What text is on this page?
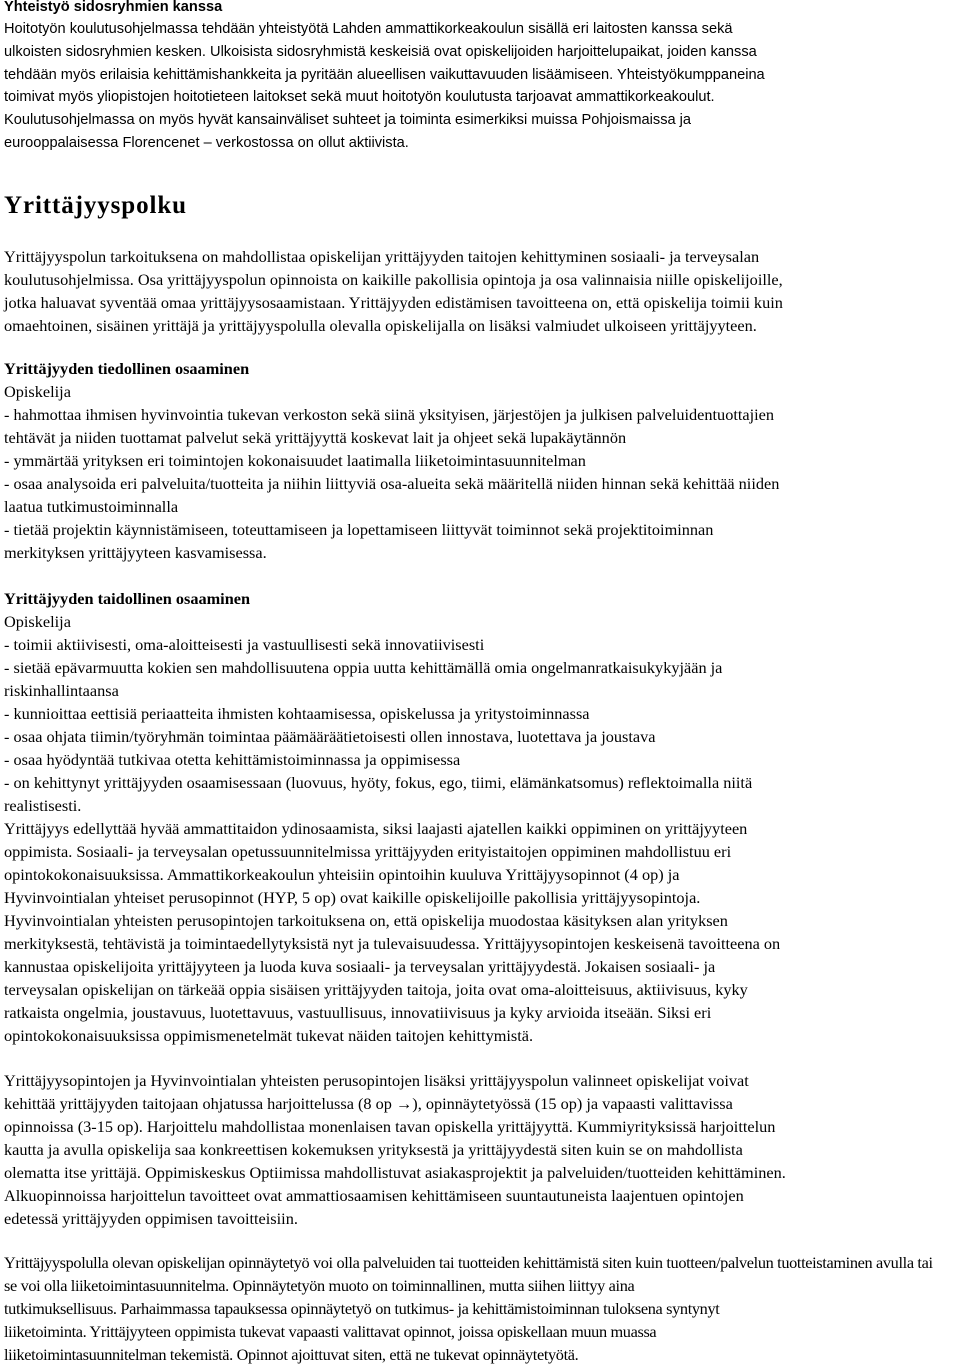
Yhteistyö sidosryhmien kanssa

Hoitotyön koulutusohjelmassa tehdään yhteistyötä Lahden ammattikorkeakoulun sisällä eri laitosten kanssa sekä
ulkoisten sidosryhmien kesken. Ulkoisista sidosryhmistä keskeisiä ovat opiskelijoiden harjoittelupaikat, joiden kanssa
tehdään myös erilaisia kehittämishankkeita ja pyritään alueellisen vaikuttavuuden lisäämiseen. Yhteistyökumppaneina
toimivat myös yliopistojen hoitotieteen laitokset sekä muut hoitotyön koulutusta tarjoavat ammattikorkeakoulut.
Koulutusohjelmassa on myös hyvät kansainväliset suhteet ja toiminta esimerkiksi muissa Pohjoismaissa ja
eurooppalaisessa Florencenet – verkostossa on ollut aktiivista.

Yrittäjyyspolku

Yrittäjyyspolun tarkoituksena on mahdollistaa opiskelijan yrittäjyyden taitojen kehittyminen sosiaali- ja terveysalan
koulutusohjelmissa. Osa yrittäjyyspolun opinnoista on kaikille pakollisia opintoja ja osa valinnaisia niille opiskelijoille,
jotka haluavat syventää omaa yrittäjyysosaamistaan. Yrittäjyyden edistämisen tavoitteena on, että opiskelija toimii kuin
omaehtoinen, sisäinen yrittäjä ja yrittäjyyspolulla olevalla opiskelijalla on lisäksi valmiudet ulkoiseen yrittäjyyteen.

Yrittäjyyden tiedollinen osaaminen

Opiskelija
- hahmottaa ihmisen hyvinvointia tukevan verkoston sekä siinä yksityisen, järjestöjen ja julkisen palveluidentuottajien
tehtävät ja niiden tuottamat palvelut sekä yrittäjyyttä koskevat lait ja ohjeet sekä lupakäytännön
- ymmärtää yrityksen eri toimintojen kokonaisuudet laatimalla liiketoimintasuunnitelman
- osaa analysoida eri palveluita/tuotteita ja niihin liittyviä osa-alueita sekä määritellä niiden hinnan sekä kehittää niiden
laatua tutkimustoiminnalla
- tietää projektin käynnistämiseen, toteuttamiseen ja lopettamiseen liittyvät toiminnot sekä projektitoiminnan
merkityksen yrittäjyyteen kasvamisessa.

Yrittäjyyden taidollinen osaaminen

Opiskelija
- toimii aktiivisesti, oma-aloitteisesti ja vastuullisesti sekä innovatiivisesti
- sietää epävarmuutta kokien sen mahdollisuutena oppia uutta kehittämällä omia ongelmanratkaisukykyjään ja
riskinhallintaansa
- kunnioittaa eettisiä periaatteita ihmisten kohtaamisessa, opiskelussa ja yritystoiminnassa
- osaa ohjata tiimin/työryhmän toimintaa päämääräätietoisesti ollen innostava, luotettava ja joustava
- osaa hyödyntää tutkivaa otetta kehittämistoiminnassa ja oppimisessa
- on kehittynyt yrittäjyyden osaamisessaan (luovuus, hyöty, fokus, ego, tiimi, elämänkatsomus) reflektoimalla niitä
realistisesti.
Yrittäjyys edellyttää hyvää ammattitaidon ydinosaamista, siksi laajasti ajatellen kaikki oppiminen on yrittäjyyteen
oppimista. Sosiaali- ja terveysalan opetussuunnitelmissa yrittäjyyden erityistaitojen oppiminen mahdollistuu eri
opintokokonaisuuksissa. Ammattikorkeakoulun yhteisiin opintoihin kuuluva Yrittäjyysopinnot (4 op) ja
Hyvinvointialan yhteiset perusopinnot (HYP, 5 op) ovat kaikille opiskelijoille pakollisia yrittäjyysopintoja.
Hyvinvointialan yhteisten perusopintojen tarkoituksena on, että opiskelija muodostaa käsityksen alan yrityksen
merkityksestä, tehtävistä ja toimintaedellytyksistä nyt ja tulevaisuudessa. Yrittäjyysopintojen keskeisenä tavoitteena on
kannustaa opiskelijoita yrittäjyyteen ja luoda kuva sosiaali- ja terveysalan yrittäjyydestä. Jokaisen sosiaali- ja
terveysalan opiskelijan on tärkeää oppia sisäisen yrittäjyyden taitoja, joita ovat oma-aloitteisuus, aktiivisuus, kyky
ratkaista ongelmia, joustavuus, luotettavuus, vastuullisuus, innovatiivisuus ja kyky arvioida itseään. Siksi eri
opintokokonaisuuksissa oppimismenetelmät tukevat näiden taitojen kehittymistä.

Yrittäjyysopintojen ja Hyvinvointialan yhteisten perusopintojen lisäksi yrittäjyyspolun valinneet opiskelijat voivat
kehittää yrittäjyyden taitojaan ohjatussa harjoittelussa (8 op →), opinnäytetyössä (15 op) ja vapaasti valittavissa
opinnoissa (3-15 op). Harjoittelu mahdollistaa monenlaisen tavan opiskella yrittäjyyttä. Kummiyrityksissä harjoittelun
kautta ja avulla opiskelija saa konkreettisen kokemuksen yrityksestä ja yrittäjyydestä siten kuin se on mahdollista
olematta itse yrittäjä. Oppimiskeskus Optiimissa mahdollistuvat asiakasprojektit ja palveluiden/tuotteiden kehittäminen.
Alkuopinnoissa harjoittelun tavoitteet ovat ammattiosaamisen kehittämiseen suuntautuneista laajentuen opintojen
edetessä yrittäjyyden oppimisen tavoitteisiin.

Yrittäjyyspolulla olevan opiskelijan opinnäytetyö voi olla palveluiden tai tuotteiden kehittämistä siten kuin tuotteen/palvelun tuotteistaminen avulla tai
se voi olla liiketoimintasuunnitelma. Opinnäytetyön muoto on toiminnallinen, mutta siihen liittyy aina
tutkimuksellisuus. Parhaimmassa tapauksessa opinnäytetyö on tutkimus- ja kehittämistoiminnan tuloksena syntynyt
liiketoiminta. Yrittäjyyteen oppimista tukevat vapaasti valittavat opinnot, joissa opiskellaan muun muassa
liiketoimintasuunnitelman tekemistä. Opinnot ajoittuvat siten, että ne tukevat opinnäytetyötä.
